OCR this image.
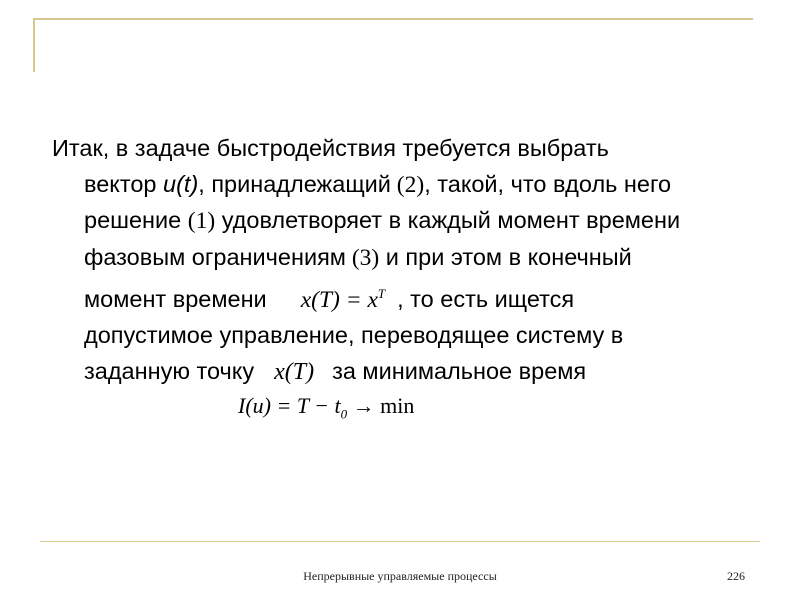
Итак, в задаче быстродействия требуется выбрать
вектор u(t), принадлежащий (2), такой, что вдоль него
решение (1) удовлетворяет в каждый момент времени
фазовым ограничениям (3) и при этом в конечный
момент времени $x(T) = x^T$ , то есть ищется
допустимое управление, переводящее систему в
заданную точку x(T) за минимальное время
$I(u) = T - t_0 \to \min$
Непрерывные управляемые процессы	226
